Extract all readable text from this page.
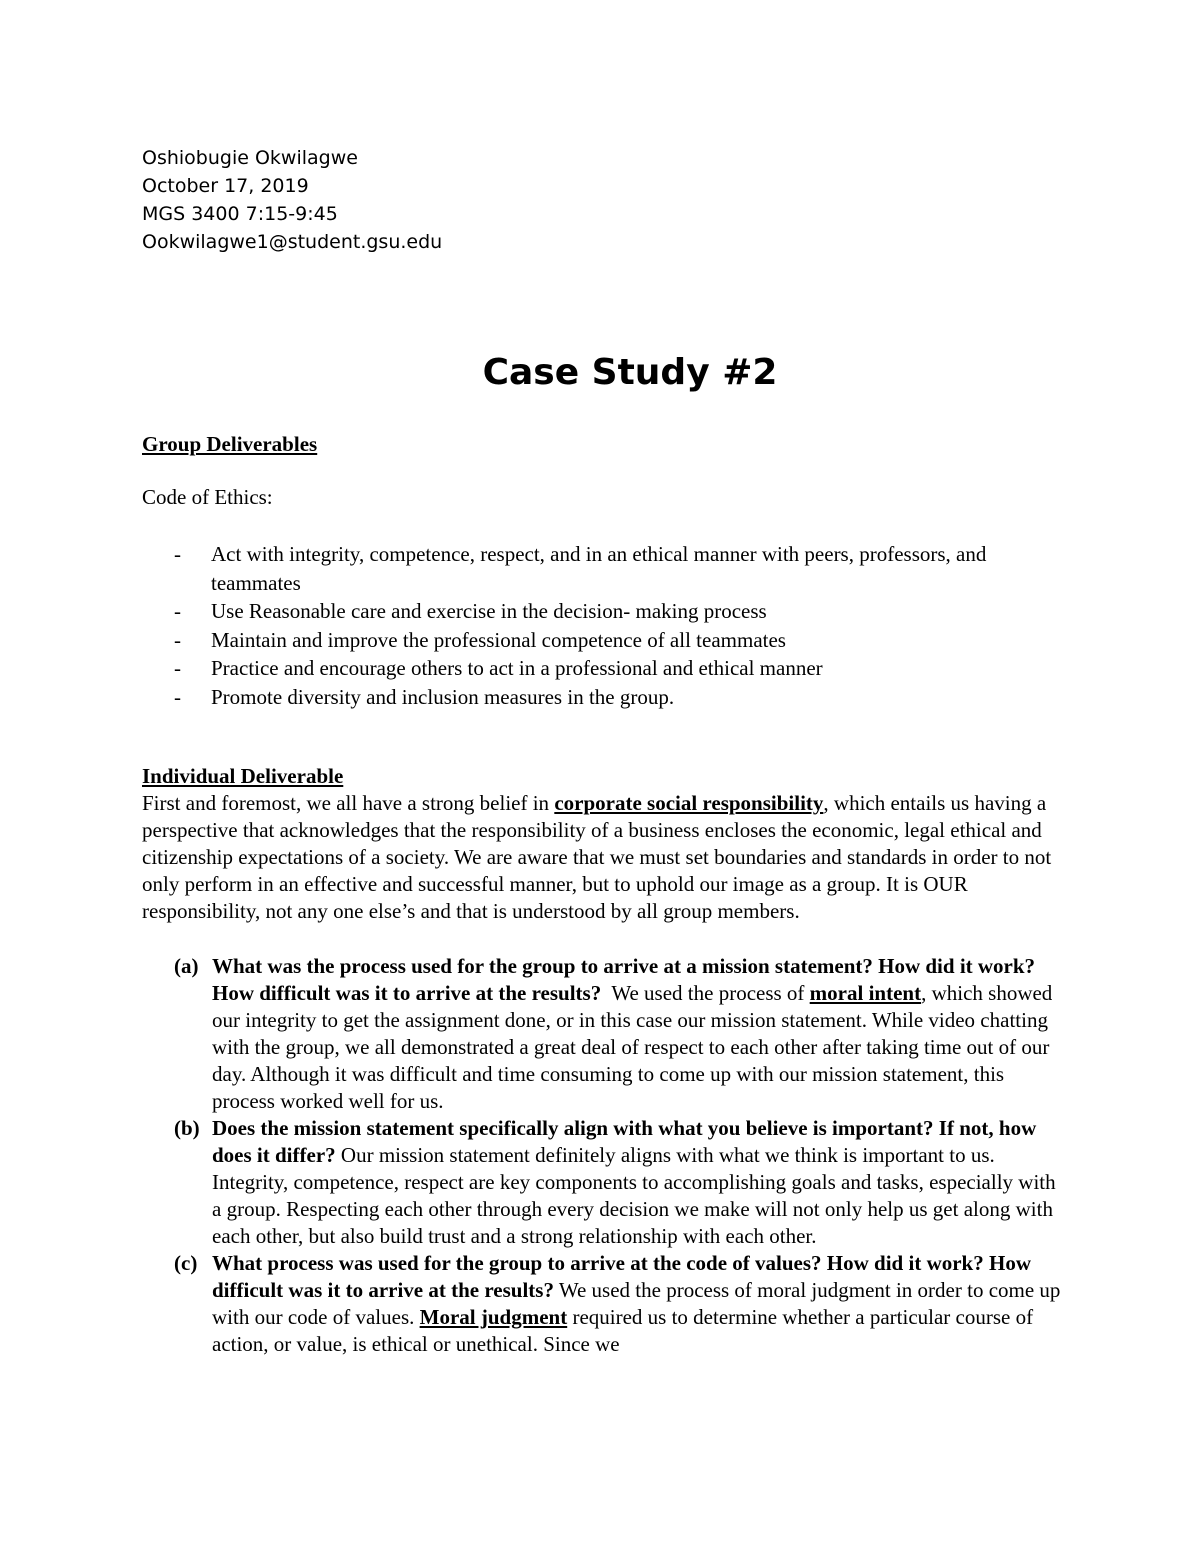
Oshiobugie Okwilagwe
October 17, 2019
MGS 3400 7:15-9:45
Ookwilagwe1@student.gsu.edu
Case Study #2
Group Deliverables
Code of Ethics:
- Act with integrity, competence, respect, and in an ethical manner with peers, professors, and teammates
- Use Reasonable care and exercise in the decision- making process
- Maintain and improve the professional competence of all teammates
- Practice and encourage others to act in a professional and ethical manner
- Promote diversity and inclusion measures in the group.
Individual Deliverable

First and foremost, we all have a strong belief in corporate social responsibility, which entails us having a perspective that acknowledges that the responsibility of a business encloses the economic, legal ethical and citizenship expectations of a society. We are aware that we must set boundaries and standards in order to not only perform in an effective and successful manner, but to uphold our image as a group. It is OUR responsibility, not any one else’s and that is understood by all group members.

(a) What was the process used for the group to arrive at a mission statement? How did it work? How difficult was it to arrive at the results?  We used the process of moral intent, which showed our integrity to get the assignment done, or in this case our mission statement. While video chatting with the group, we all demonstrated a great deal of respect to each other after taking time out of our day. Although it was difficult and time consuming to come up with our mission statement, this process worked well for us.
(b) Does the mission statement specifically align with what you believe is important? If not, how does it differ? Our mission statement definitely aligns with what we think is important to us. Integrity, competence, respect are key components to accomplishing goals and tasks, especially with a group. Respecting each other through every decision we make will not only help us get along with each other, but also build trust and a strong relationship with each other.
(c) What process was used for the group to arrive at the code of values? How did it work? How difficult was it to arrive at the results? We used the process of moral judgment in order to come up with our code of values. Moral judgment required us to determine whether a particular course of action, or value, is ethical or unethical. Since we
